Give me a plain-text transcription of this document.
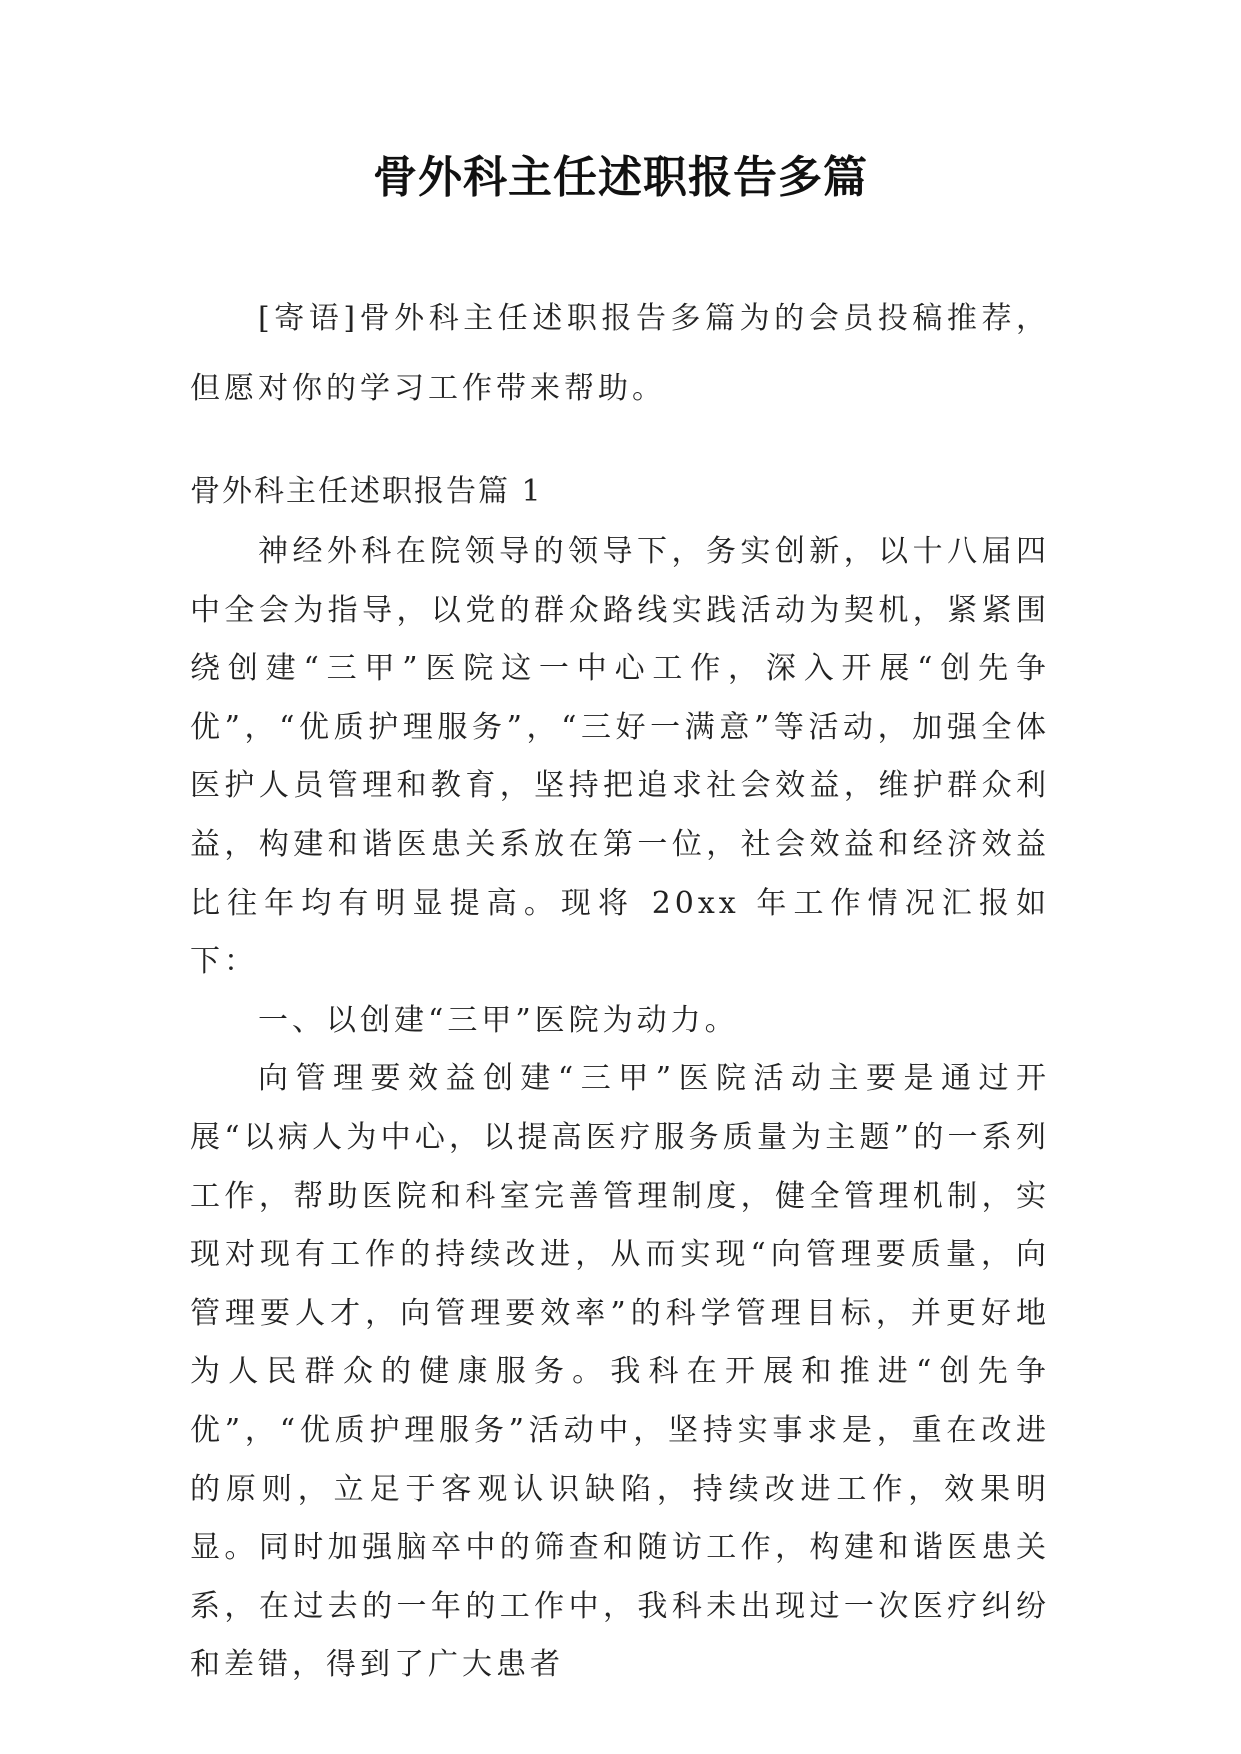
骨外科主任述职报告多篇
[寄语]骨外科主任述职报告多篇为的会员投稿推荐，但愿对你的学习工作带来帮助。
骨外科主任述职报告篇 1

神经外科在院领导的领导下，务实创新，以十八届四中全会为指导，以党的群众路线实践活动为契机，紧紧围绕创建“三甲”医院这一中心工作，深入开展“创先争优”，“优质护理服务”，“三好一满意”等活动，加强全体医护人员管理和教育，坚持把追求社会效益，维护群众利益，构建和谐医患关系放在第一位，社会效益和经济效益比往年均有明显提高。现将 20xx 年工作情况汇报如下：

一、以创建“三甲”医院为动力。

向管理要效益创建“三甲”医院活动主要是通过开展“以病人为中心，以提高医疗服务质量为主题”的一系列工作，帮助医院和科室完善管理制度，健全管理机制，实现对现有工作的持续改进，从而实现“向管理要质量，向管理要人才，向管理要效率”的科学管理目标，并更好地为人民群众的健康服务。我科在开展和推进“创先争优”，“优质护理服务”活动中，坚持实事求是，重在改进的原则，立足于客观认识缺陷，持续改进工作，效果明显。同时加强脑卒中的筛查和随访工作，构建和谐医患关系，在过去的一年的工作中，我科未出现过一次医疗纠纷和差错，得到了广大患者
